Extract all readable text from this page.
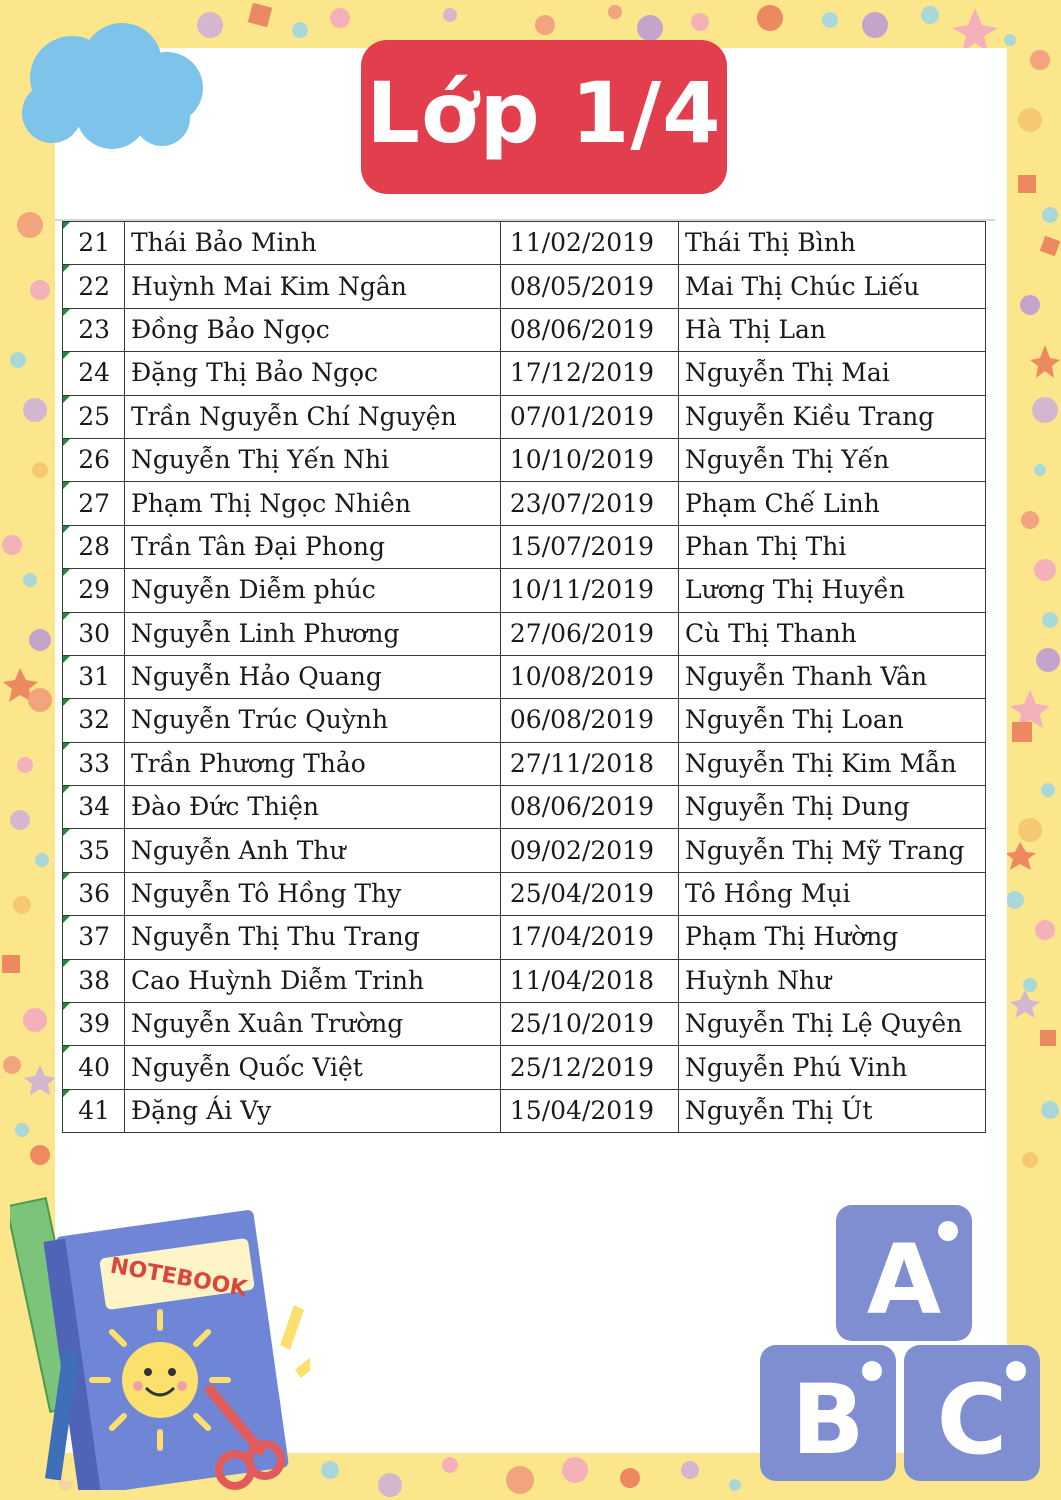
Lớp 1/4
21	Thái Bảo Minh	11/02/2019	Thái Thị Bình
22	Huỳnh Mai Kim Ngân	08/05/2019	Mai Thị Chúc Liếu
23	Đồng Bảo Ngọc	08/06/2019	Hà Thị Lan
24	Đặng Thị Bảo Ngọc	17/12/2019	Nguyễn Thị Mai
25	Trần Nguyễn Chí Nguyện	07/01/2019	Nguyễn Kiều Trang
26	Nguyễn Thị Yến Nhi	10/10/2019	Nguyễn Thị Yến
27	Phạm Thị Ngọc Nhiên	23/07/2019	Phạm Chế Linh
28	Trần Tân Đại Phong	15/07/2019	Phan Thị Thi
29	Nguyễn Diễm phúc	10/11/2019	Lương Thị Huyền
30	Nguyễn Linh Phương	27/06/2019	Cù Thị Thanh
31	Nguyễn Hảo Quang	10/08/2019	Nguyễn Thanh Vân
32	Nguyễn Trúc Quỳnh	06/08/2019	Nguyễn Thị Loan
33	Trần Phương Thảo	27/11/2018	Nguyễn Thị Kim Mẫn
34	Đào Đức Thiện	08/06/2019	Nguyễn Thị Dung
35	Nguyễn Anh Thư	09/02/2019	Nguyễn Thị Mỹ Trang
36	Nguyễn Tô Hồng Thy	25/04/2019	Tô Hồng Mụi
37	Nguyễn Thị Thu Trang	17/04/2019	Phạm Thị Hường
38	Cao Huỳnh Diễm Trinh	11/04/2018	Huỳnh Như
39	Nguyễn Xuân Trường	25/10/2019	Nguyễn Thị Lệ Quyên
40	Nguyễn Quốc Việt	25/12/2019	Nguyễn Phú Vinh
41	Đặng Ái Vy	15/04/2019	Nguyễn Thị Út
NOTEBOOK	A
B C
